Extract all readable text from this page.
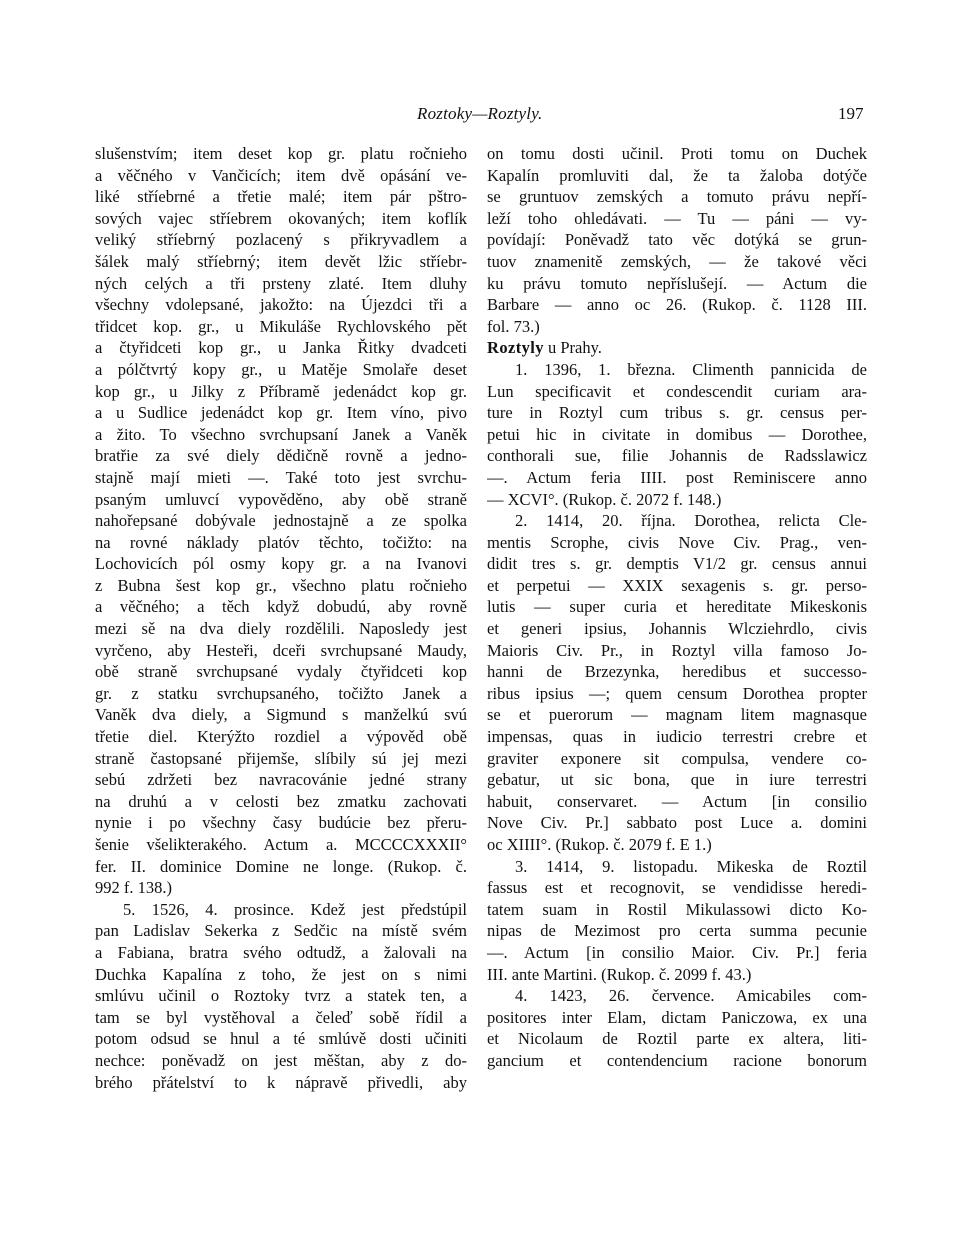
Roztoky—Roztyly.	197
slušenstvím; item deset kop gr. platu ročnieho
a věčného v Vančicích; item dvě opásání ve-
liké stříebrné a třetie malé; item pár pštro-
sových vajec stříebrem okovaných; item koflík
veliký stříebrný pozlacený s přikryvadlem a
šálek malý stříebrný; item devět lžic stříebr-
ných celých a tři prsteny zlaté. Item dluhy
všechny vdolepsané, jakožto: na Újezdci tři a
třidcet kop. gr., u Mikuláše Rychlovského pět
a čtyřidceti kop gr., u Janka Řitky dvadceti
a pólčtvrtý kopy gr., u Matěje Smolaře deset
kop gr., u Jilky z Příbramě jedenádct kop gr.
a u Sudlice jedenádct kop gr. Item víno, pivo
a žito. To všechno svrchupsaní Janek a Vaněk
bratřie za své diely dědičně rovně a jedno-
stajně mají mieti —. Také toto jest svrchu-
psaným umluvcí vypověděno, aby obě straně
nahořepsané dobývale jednostajně a ze spolka
na rovné náklady platóv těchto, točižto: na
Lochovicích pól osmy kopy gr. a na Ivanovi
z Bubna šest kop gr., všechno platu ročnieho
a věčného; a těch když dobudú, aby rovně
mezi sě na dva diely rozdělili. Naposledy jest
vyrčeno, aby Hesteři, dceři svrchupsané Maudy,
obě straně svrchupsané vydaly čtyřidceti kop
gr. z statku svrchupsaného, točižto Janek a
Vaněk dva diely, a Sigmund s manželkú svú
třetie diel. Kterýžto rozdiel a výpověd obě
straně častopsané přijemše, slíbily sú jej mezi
sebú zdržeti bez navracovánie jedné strany
na druhú a v celosti bez zmatku zachovati
nynie i po všechny časy budúcie bez přeru-
šenie všelikterakého. Actum a. MCCCCXXXII°
fer. II. dominice Domine ne longe. (Rukop. č.
992 f. 138.)
5. 1526, 4. prosince. Kdež jest předstúpil
pan Ladislav Sekerka z Sedčic na místě svém
a Fabiana, bratra svého odtudž, a žalovali na
Duchka Kapalína z toho, že jest on s nimi
smlúvu učinil o Roztoky tvrz a statek ten, a
tam se byl vystěhoval a čeleď sobě řídil a
potom odsud se hnul a té smlúvě dosti učiniti
nechce: poněvadž on jest měštan, aby z do-
brého přátelství to k nápravě přivedli, aby
on tomu dosti učinil. Proti tomu on Duchek
Kapalín promluviti dal, že ta žaloba dotýče
se gruntuov zemských a tomuto právu nepří-
leží toho ohledávati. — Tu — páni — vy-
povídají: Poněvadž tato věc dotýká se grun-
tuov znamenitě zemských, — že takové věci
ku právu tomuto nepříslušejí. — Actum die
Barbare — anno oc 26. (Rukop. č. 1128 III.
fol. 73.)
Roztyly u Prahy.
1. 1396, 1. března. Climenth pannicida de
Lun specificavit et condescendit curiam ara-
ture in Roztyl cum tribus s. gr. census per-
petui hic in civitate in domibus — Dorothee,
conthorali sue, filie Johannis de Radsslawicz
—. Actum feria IIII. post Reminiscere anno
— XCVI°. (Rukop. č. 2072 f. 148.)
2. 1414, 20. října. Dorothea, relicta Cle-
mentis Scrophe, civis Nove Civ. Prag., ven-
didit tres s. gr. demptis V1/2 gr. census annui
et perpetui — XXIX sexagenis s. gr. perso-
lutis — super curia et hereditate Mikeskonis
et generi ipsius, Johannis Wlcziehrdlo, civis
Maioris Civ. Pr., in Roztyl villa famoso Jo-
hanni de Brzezynka, heredibus et successo-
ribus ipsius —; quem censum Dorothea propter
se et puerorum — magnam litem magnasque
impensas, quas in iudicio terrestri crebre et
graviter exponere sit compulsa, vendere co-
gebatur, ut sic bona, que in iure terrestri
habuit, conservaret. — Actum [in consilio
Nove Civ. Pr.] sabbato post Luce a. domini
oc XIIII°. (Rukop. č. 2079 f. E 1.)
3. 1414, 9. listopadu. Mikeska de Roztil
fassus est et recognovit, se vendidisse heredi-
tatem suam in Rostil Mikulassowi dicto Ko-
nipas de Mezimost pro certa summa pecunie
—. Actum [in consilio Maior. Civ. Pr.] feria
III. ante Martini. (Rukop. č. 2099 f. 43.)
4. 1423, 26. července. Amicabiles com-
positores inter Elam, dictam Paniczowa, ex una
et Nicolaum de Roztil parte ex altera, liti-
gancium et contendencium racione bonorum
